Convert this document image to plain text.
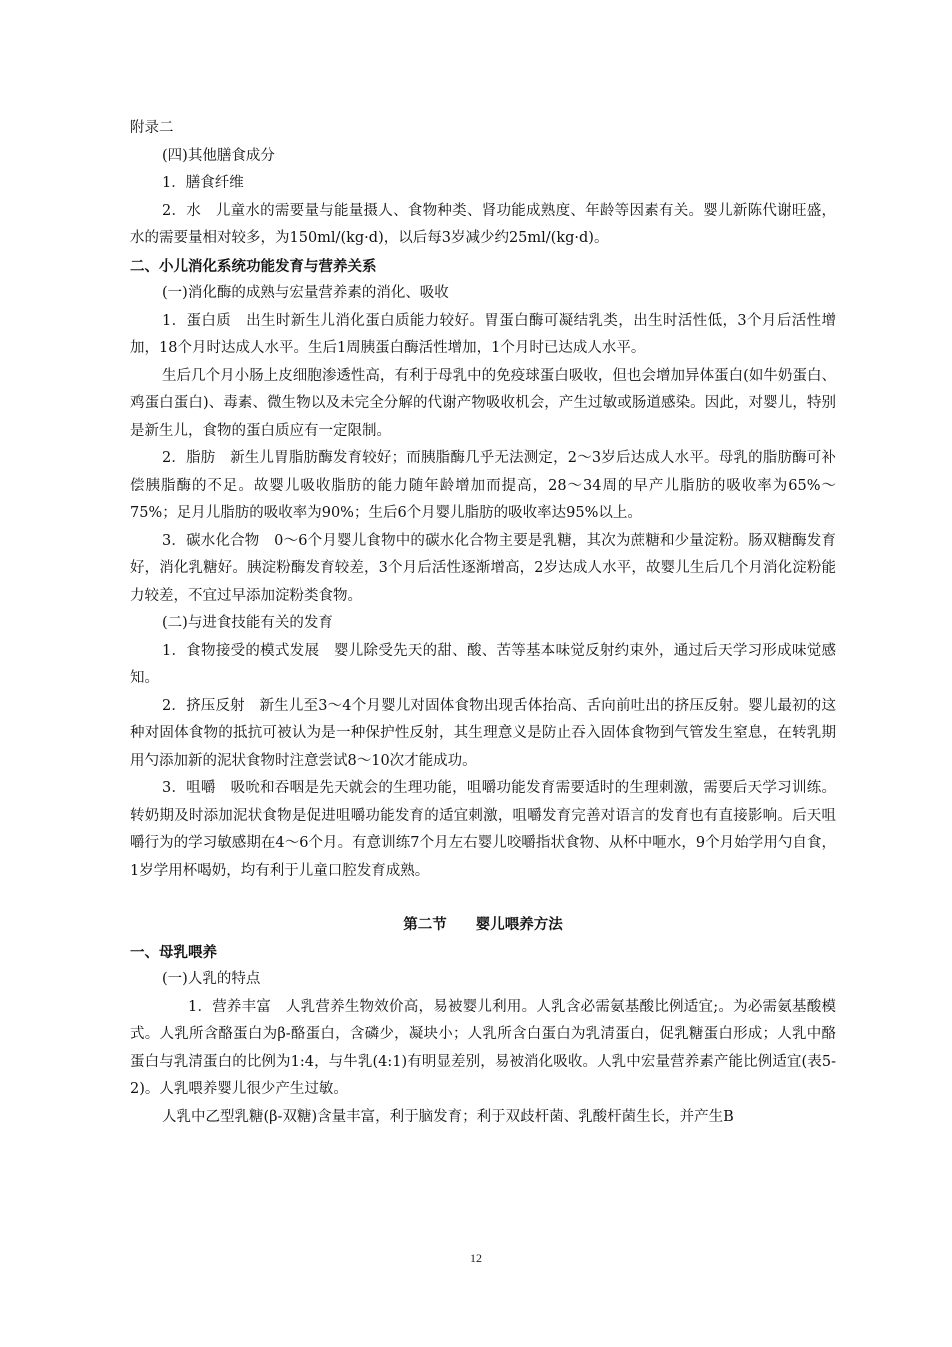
附录二

(四)其他膳食成分

1．膳食纤维

2．水　儿童水的需要量与能量摄人、食物种类、肾功能成熟度、年龄等因素有关。婴儿新陈代谢旺盛，水的需要量相对较多，为150ml/(kg·d)，以后每3岁减少约25ml/(kg·d)。

二、小儿消化系统功能发育与营养关系

(一)消化酶的成熟与宏量营养素的消化、吸收

1．蛋白质　出生时新生儿消化蛋白质能力较好。胃蛋白酶可凝结乳类，出生时活性低，3个月后活性增加，18个月时达成人水平。生后1周胰蛋白酶活性增加，1个月时已达成人水平。

生后几个月小肠上皮细胞渗透性高，有利于母乳中的免疫球蛋白吸收，但也会增加异体蛋白(如牛奶蛋白、鸡蛋白蛋白)、毒素、微生物以及未完全分解的代谢产物吸收机会，产生过敏或肠道感染。因此，对婴儿，特别是新生儿，食物的蛋白质应有一定限制。

2．脂肪　新生儿胃脂肪酶发育较好；而胰脂酶几乎无法测定，2～3岁后达成人水平。母乳的脂肪酶可补偿胰脂酶的不足。故婴儿吸收脂肪的能力随年龄增加而提高，28～34周的早产儿脂肪的吸收率为65%～75%；足月儿脂肪的吸收率为90%；生后6个月婴儿脂肪的吸收率达95%以上。

3．碳水化合物　0～6个月婴儿食物中的碳水化合物主要是乳糖，其次为蔗糖和少量淀粉。肠双糖酶发育好，消化乳糖好。胰淀粉酶发育较差，3个月后活性逐渐增高，2岁达成人水平，故婴儿生后几个月消化淀粉能力较差，不宜过早添加淀粉类食物。

(二)与进食技能有关的发育

1．食物接受的模式发展　婴儿除受先天的甜、酸、苦等基本味觉反射约束外，通过后天学习形成味觉感知。

2．挤压反射　新生儿至3～4个月婴儿对固体食物出现舌体抬高、舌向前吐出的挤压反射。婴儿最初的这种对固体食物的抵抗可被认为是一种保护性反射，其生理意义是防止吞入固体食物到气管发生窒息，在转乳期用勺添加新的泥状食物时注意尝试8～10次才能成功。

3．咀嚼　吸吮和吞咽是先天就会的生理功能，咀嚼功能发育需要适时的生理刺激，需要后天学习训练。转奶期及时添加泥状食物是促进咀嚼功能发育的适宜刺激，咀嚼发育完善对语言的发育也有直接影响。后天咀嚼行为的学习敏感期在4～6个月。有意训练7个月左右婴儿咬嚼指状食物、从杯中咂水，9个月始学用勺自食，1岁学用杯喝奶，均有利于儿童口腔发育成熟。

第二节　　婴儿喂养方法

一、母乳喂养

(一)人乳的特点

1．营养丰富　人乳营养生物效价高，易被婴儿利用。人乳含必需氨基酸比例适宜;。为必需氨基酸模式。人乳所含酪蛋白为β-酪蛋白，含磷少，凝块小；人乳所含白蛋白为乳清蛋白，促乳糖蛋白形成；人乳中酪蛋白与乳清蛋白的比例为1:4，与牛乳(4:1)有明显差别，易被消化吸收。人乳中宏量营养素产能比例适宜(表5-2)。人乳喂养婴儿很少产生过敏。

人乳中乙型乳糖(β-双糖)含量丰富，利于脑发育；利于双歧杆菌、乳酸杆菌生长，并产生B

12
